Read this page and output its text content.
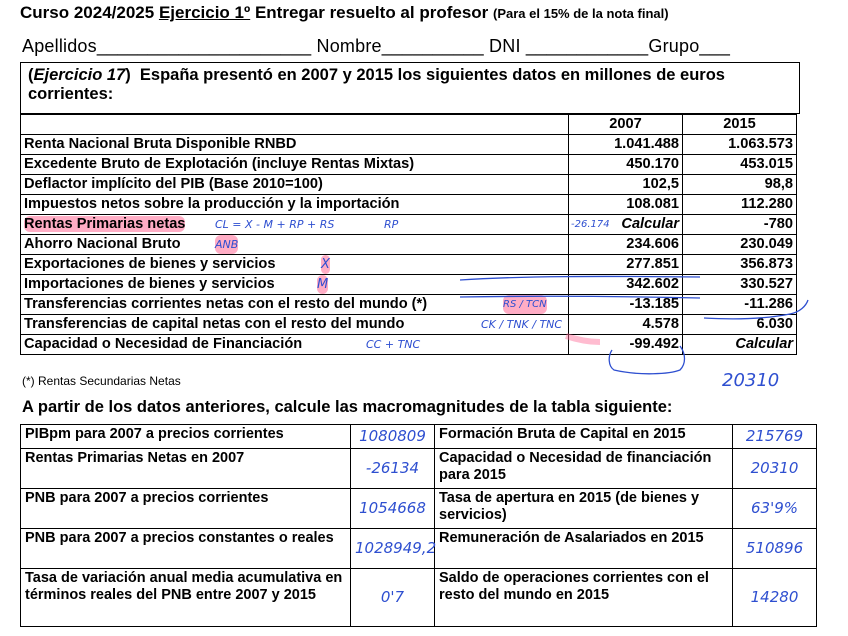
Curso 2024/2025 Ejercicio 1º Entregar resuelto al profesor (Para el 15% de la nota final)
Apellidos_____________________ Nombre__________ DNI ____________Grupo___
(Ejercicio 17)  España presentó en 2007 y 2015 los siguientes datos en millones de euros corrientes:
	2007	2015
Renta Nacional Bruta Disponible RNBD	1.041.488	1.063.573
Excedente Bruto de Explotación (incluye Rentas Mixtas)	450.170	453.015
Deflactor implícito del PIB (Base 2010=100)	102,5	98,8
Impuestos netos sobre la producción y la importación	108.081	112.280
Rentas Primarias netas CL = X - M + RP + RS RP	-26.174 Calcular	-780
Ahorro Nacional Bruto ANB	234.606	230.049
Exportaciones de bienes y servicios X	277.851	356.873
Importaciones de bienes y servicios M	342.602	330.527
Transferencias corrientes netas con el resto del mundo (*) RS / TCN	-13.185	-11.286
Transferencias de capital netas con el resto del mundo CK / TNK / TNC	4.578	6.030
Capacidad o Necesidad de Financiación CC + TNC	-99.492	Calcular
(*) Rentas Secundarias Netas	20310
A partir de los datos anteriores, calcule las macromagnitudes de la tabla siguiente:
PIBpm para 2007 a precios corrientes	1080809	Formación Bruta de Capital en 2015	215769
Rentas Primarias Netas en 2007	-26134	Capacidad o Necesidad de financiación para 2015	20310
PNB para 2007 a precios corrientes	1054668	Tasa de apertura en 2015 (de bienes y servicios)	63'9%
PNB para 2007 a precios constantes o reales	1028949,2	Remuneración de Asalariados en 2015	510896
Tasa de variación anual media acumulativa en términos reales del PNB entre 2007 y 2015	0'7	Saldo de operaciones corrientes con el resto del mundo en 2015	14280
